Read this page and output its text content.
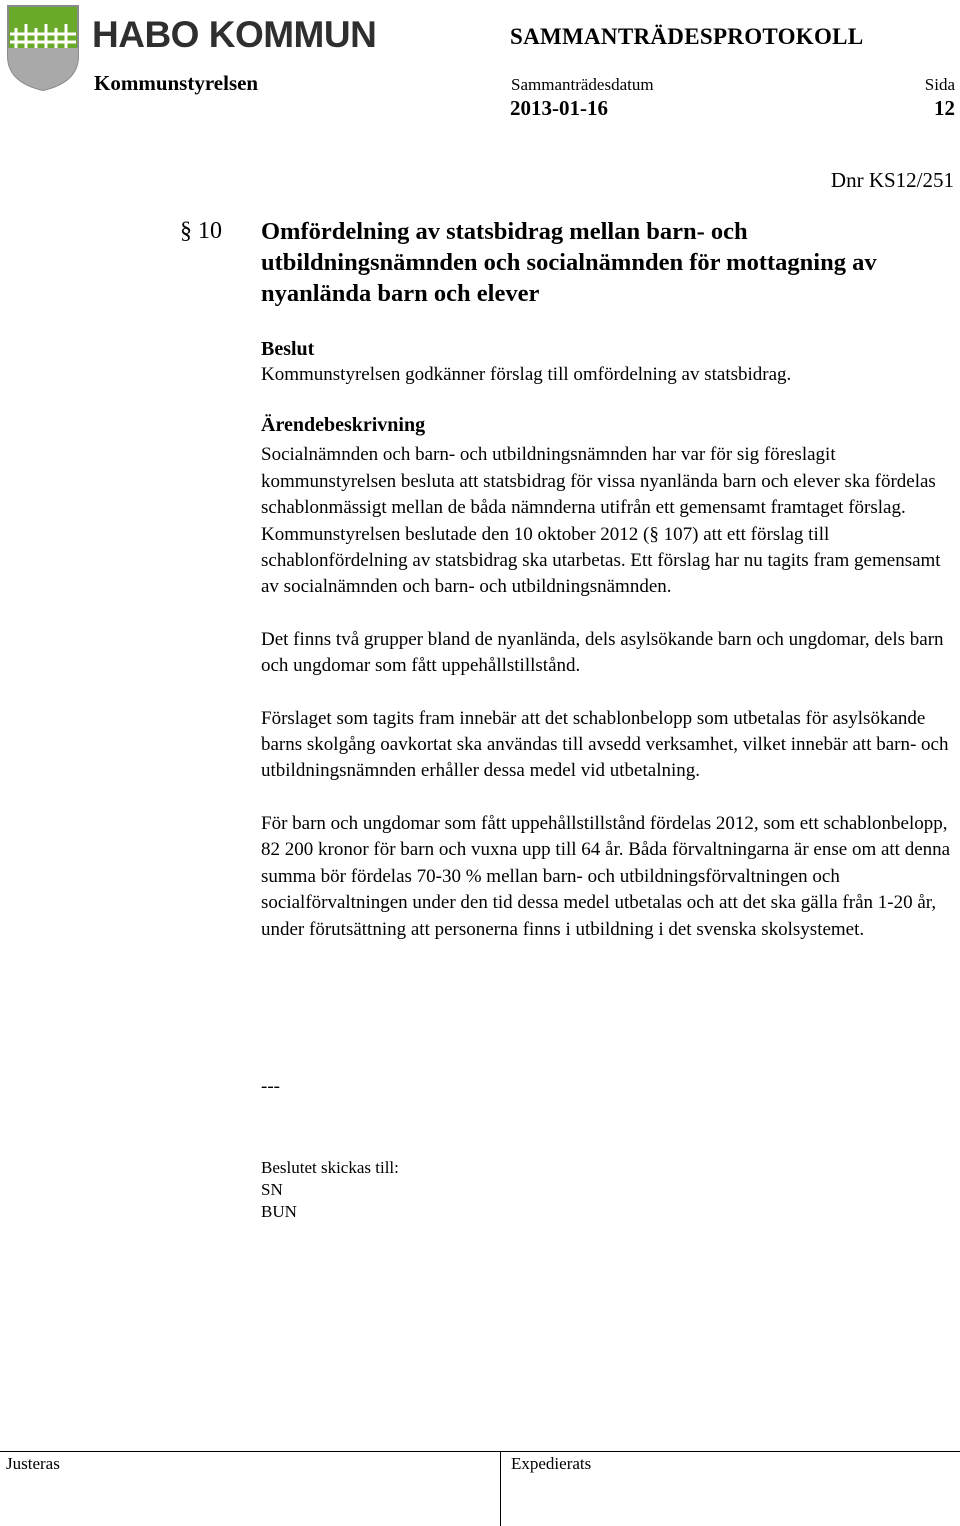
HABO KOMMUN	SAMMANTRÄDESPROTOKOLL
Kommunstyrelsen	Sammanträdesdatum	Sida
2013-01-16	12
Dnr KS12/251
§ 10 Omfördelning av statsbidrag mellan barn- och
utbildningsnämnden och socialnämnden för mottagning av
nyanlända barn och elever

Beslut

Kommunstyrelsen godkänner förslag till omfördelning av statsbidrag.

Ärendebeskrivning

Socialnämnden och barn- och utbildningsnämnden har var för sig föreslagit kommunstyrelsen besluta att statsbidrag för vissa nyanlända barn och elever ska fördelas schablonmässigt mellan de båda nämnderna utifrån ett gemensamt framtaget förslag. Kommunstyrelsen beslutade den 10 oktober 2012 (§ 107) att ett förslag till schablonfördelning av statsbidrag ska utarbetas. Ett förslag har nu tagits fram gemensamt av socialnämnden och barn- och utbildningsnämnden.

Det finns två grupper bland de nyanlända, dels asylsökande barn och ungdomar, dels barn och ungdomar som fått uppehållstillstånd.

Förslaget som tagits fram innebär att det schablonbelopp som utbetalas för asylsökande barns skolgång oavkortat ska användas till avsedd verksamhet, vilket innebär att barn- och utbildningsnämnden erhåller dessa medel vid utbetalning.

För barn och ungdomar som fått uppehållstillstånd fördelas 2012, som ett schablonbelopp, 82 200 kronor för barn och vuxna upp till 64 år. Båda förvaltningarna är ense om att denna summa bör fördelas 70-30 % mellan barn- och utbildningsförvaltningen och socialförvaltningen under den tid dessa medel utbetalas och att det ska gälla från 1-20 år, under förutsättning att personerna finns i utbildning i det svenska skolsystemet.

---
Beslutet skickas till:
SN
BUN
Justeras	Expedierats
